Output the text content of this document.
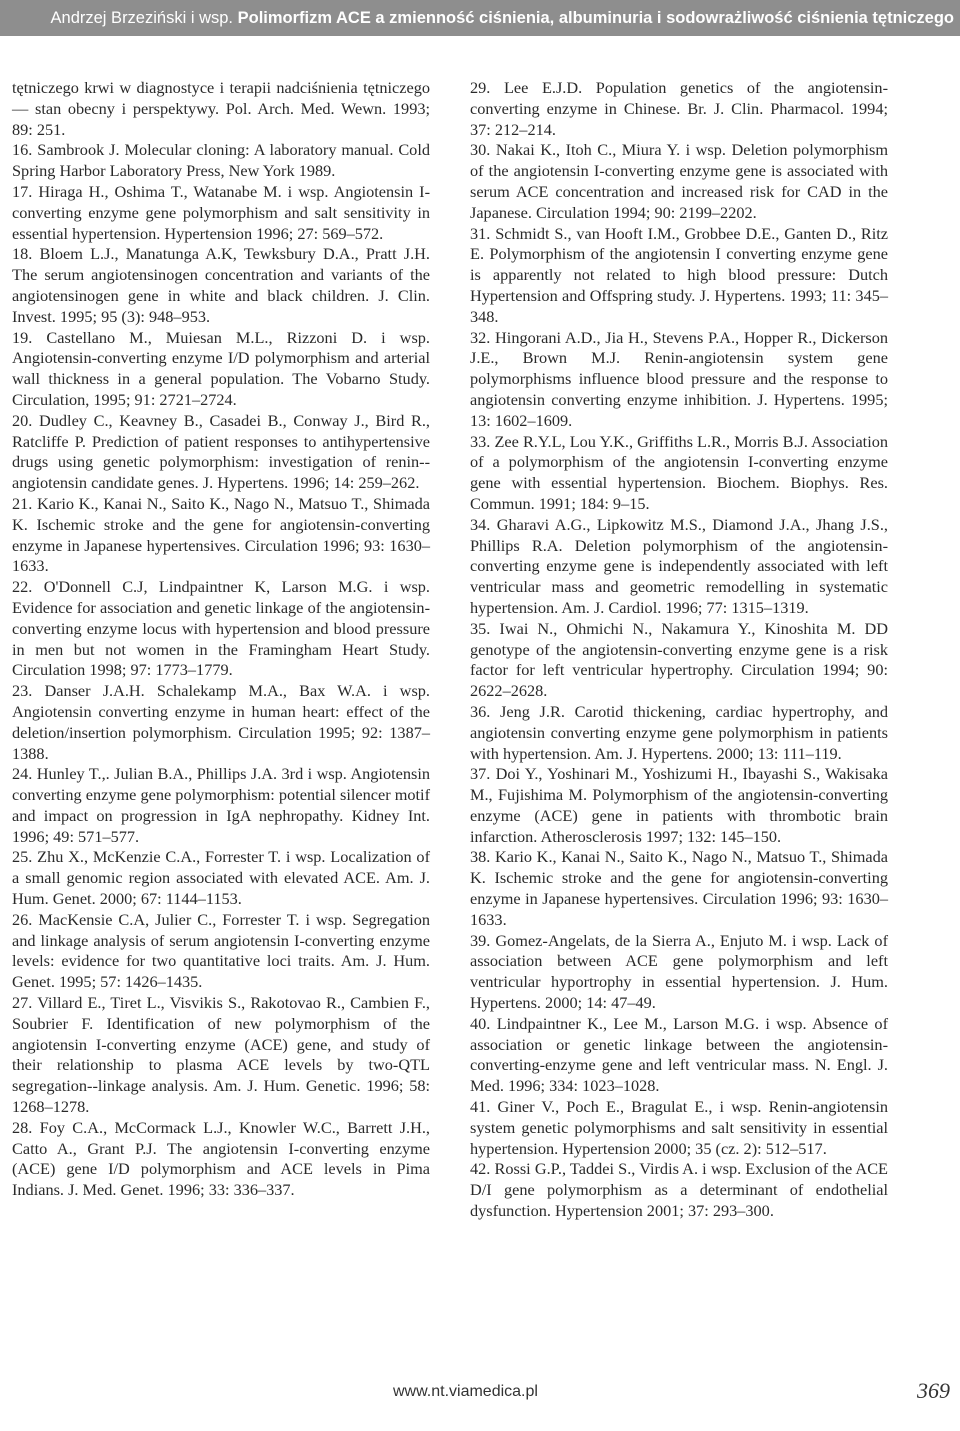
Andrzej Brzeziński i wsp. Polimorfizm ACE a zmienność ciśnienia, albuminuria i sodowrażliwość ciśnienia tętniczego

tętniczego krwi w diagnostyce i terapii nadciśnienia tętniczego — stan obecny i perspektywy. Pol. Arch. Med. Wewn. 1993; 89: 251.

16. Sambrook J. Molecular cloning: A laboratory manual. Cold Spring Harbor Laboratory Press, New York 1989.

17. Hiraga H., Oshima T., Watanabe M. i wsp. Angiotensin I-converting enzyme gene polymorphism and salt sensitivity in essential hypertension. Hypertension 1996; 27: 569–572.

18. Bloem L.J., Manatunga A.K, Tewksbury D.A., Pratt J.H. The serum angiotensinogen concentration and variants of the angiotensinogen gene in white and black children. J. Clin. Invest. 1995; 95 (3): 948–953.

19. Castellano M., Muiesan M.L., Rizzoni D. i wsp. Angiotensin-converting enzyme I/D polymorphism and arterial wall thickness in a general population. The Vobarno Study. Circulation, 1995; 91: 2721–2724.

20. Dudley C., Keavney B., Casadei B., Conway J., Bird R., Ratcliffe P. Prediction of patient responses to antihypertensive drugs using genetic polymorphism: investigation of renin--angiotensin candidate genes. J. Hypertens. 1996; 14: 259–262.

21. Kario K., Kanai N., Saito K., Nago N., Matsuo T., Shimada K. Ischemic stroke and the gene for angiotensin-converting enzyme in Japanese hypertensives. Circulation 1996; 93: 1630–1633.

22. O'Donnell C.J, Lindpaintner K, Larson M.G. i wsp. Evidence for association and genetic linkage of the angiotensin-converting enzyme locus with hypertension and blood pressure in men but not women in the Framingham Heart Study. Circulation 1998; 97: 1773–1779.

23. Danser J.A.H. Schalekamp M.A., Bax W.A. i wsp. Angiotensin converting enzyme in human heart: effect of the deletion/insertion polymorphism. Circulation 1995; 92: 1387–1388.

24. Hunley T.,. Julian B.A., Phillips J.A. 3rd i wsp. Angiotensin converting enzyme gene polymorphism: potential silencer motif and impact on progression in IgA nephropathy. Kidney Int. 1996; 49: 571–577.

25. Zhu X., McKenzie C.A., Forrester T. i wsp. Localization of a small genomic region associated with elevated ACE. Am. J. Hum. Genet. 2000; 67: 1144–1153.

26. MacKensie C.A, Julier C., Forrester T. i wsp. Segregation and linkage analysis of serum angiotensin I-converting enzyme levels: evidence for two quantitative loci traits. Am. J. Hum. Genet. 1995; 57: 1426–1435.

27. Villard E., Tiret L., Visvikis S., Rakotovao R., Cambien F., Soubrier F. Identification of new polymorphism of the angiotensin I-converting enzyme (ACE) gene, and study of their relationship to plasma ACE levels by two-QTL segregation--linkage analysis. Am. J. Hum. Genetic. 1996; 58: 1268–1278.

28. Foy C.A., McCormack L.J., Knowler W.C., Barrett J.H., Catto A., Grant P.J. The angiotensin I-converting enzyme (ACE) gene I/D polymorphism and ACE levels in Pima Indians. J. Med. Genet. 1996; 33: 336–337.

29. Lee E.J.D. Population genetics of the angiotensin-converting enzyme in Chinese. Br. J. Clin. Pharmacol. 1994; 37: 212–214.

30. Nakai K., Itoh C., Miura Y. i wsp. Deletion polymorphism of the angiotensin I-converting enzyme gene is associated with serum ACE concentration and increased risk for CAD in the Japanese. Circulation 1994; 90: 2199–2202.

31. Schmidt S., van Hooft I.M., Grobbee D.E., Ganten D., Ritz E. Polymorphism of the angiotensin I converting enzyme gene is apparently not related to high blood pressure: Dutch Hypertension and Offspring study. J. Hypertens. 1993; 11: 345–348.

32. Hingorani A.D., Jia H., Stevens P.A., Hopper R., Dickerson J.E., Brown M.J. Renin-angiotensin system gene polymorphisms influence blood pressure and the response to angiotensin converting enzyme inhibition. J. Hypertens. 1995; 13: 1602–1609.

33. Zee R.Y.L, Lou Y.K., Griffiths L.R., Morris B.J. Association of a polymorphism of the angiotensin I-converting enzyme gene with essential hypertension. Biochem. Biophys. Res. Commun. 1991; 184: 9–15.

34. Gharavi A.G., Lipkowitz M.S., Diamond J.A., Jhang J.S., Phillips R.A. Deletion polymorphism of the angiotensin-converting enzyme gene is independently associated with left ventricular mass and geometric remodelling in systematic hypertension. Am. J. Cardiol. 1996; 77: 1315–1319.

35. Iwai N., Ohmichi N., Nakamura Y., Kinoshita M. DD genotype of the angiotensin-converting enzyme gene is a risk factor for left ventricular hypertrophy. Circulation 1994; 90: 2622–2628.

36. Jeng J.R. Carotid thickening, cardiac hypertrophy, and angiotensin converting enzyme gene polymorphism in patients with hypertension. Am. J. Hypertens. 2000; 13: 111–119.

37. Doi Y., Yoshinari M., Yoshizumi H., Ibayashi S., Wakisaka M., Fujishima M. Polymorphism of the angiotensin-converting enzyme (ACE) gene in patients with thrombotic brain infarction. Atherosclerosis 1997; 132: 145–150.

38. Kario K., Kanai N., Saito K., Nago N., Matsuo T., Shimada K. Ischemic stroke and the gene for angiotensin-converting enzyme in Japanese hypertensives. Circulation 1996; 93: 1630–1633.

39. Gomez-Angelats, de la Sierra A., Enjuto M. i wsp. Lack of association between ACE gene polymorphism and left ventricular hyportrophy in essential hypertension. J. Hum. Hypertens. 2000; 14: 47–49.

40. Lindpaintner K., Lee M., Larson M.G. i wsp. Absence of association or genetic linkage between the angiotensin-converting-enzyme gene and left ventricular mass. N. Engl. J. Med. 1996; 334: 1023–1028.

41. Giner V., Poch E., Bragulat E., i wsp. Renin-angiotensin system genetic polymorphisms and salt sensitivity in essential hypertension. Hypertension 2000; 35 (cz. 2): 512–517.

42. Rossi G.P., Taddei S., Virdis A. i wsp. Exclusion of the ACE D/I gene polymorphism as a determinant of endothelial dysfunction. Hypertension 2001; 37: 293–300.

www.nt.viamedica.pl	369
